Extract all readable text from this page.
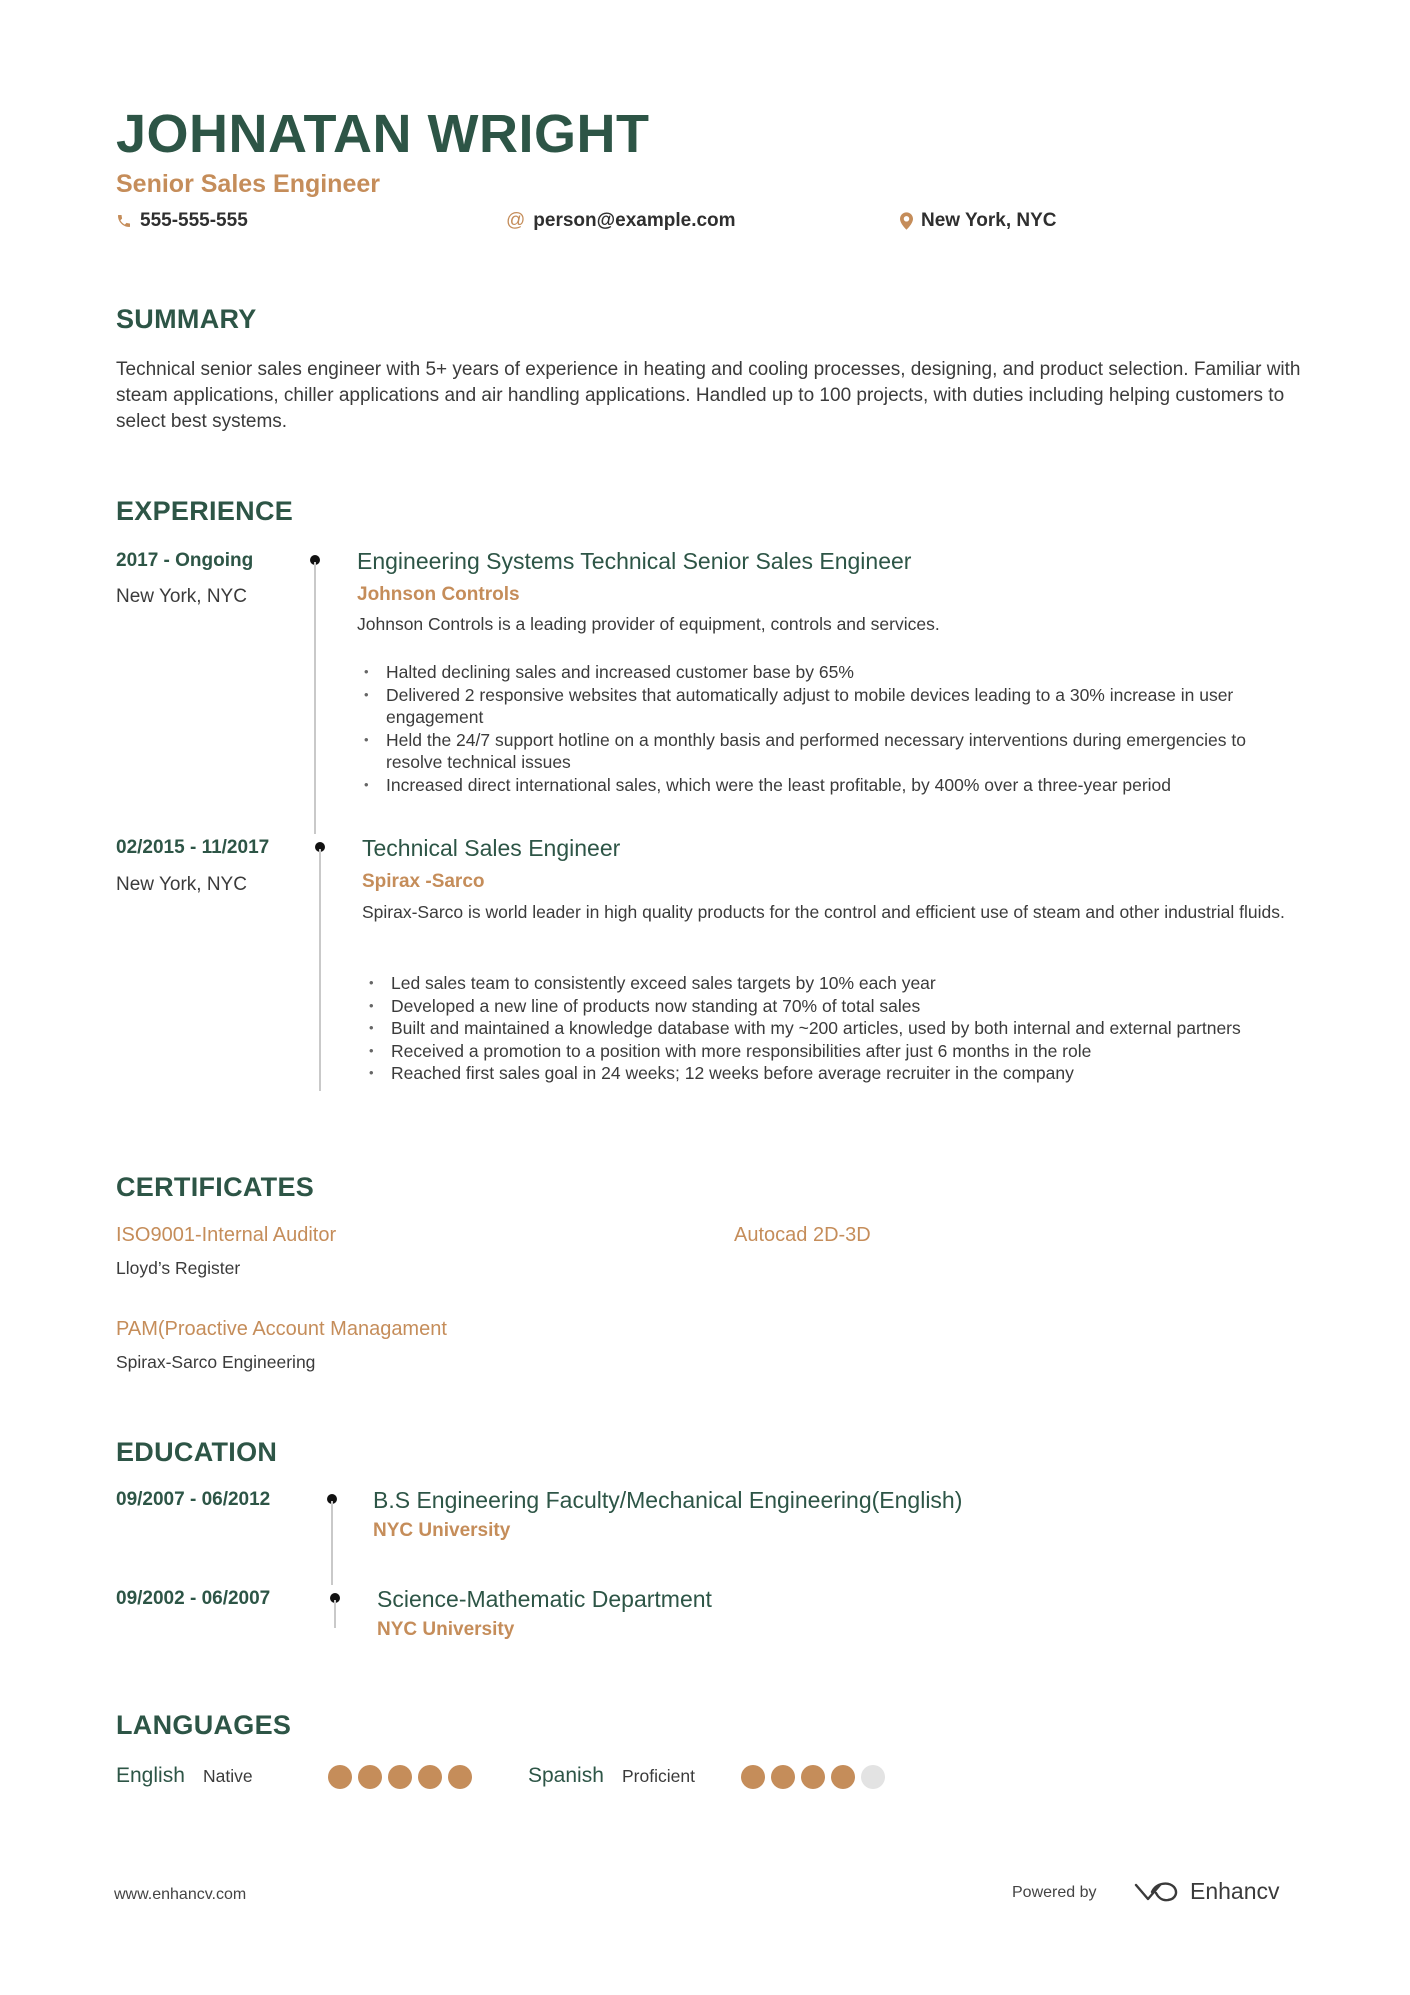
JOHNATAN WRIGHT
Senior Sales Engineer
555-555-555	@ person@example.com	New York, NYC
SUMMARY
Technical senior sales engineer with 5+ years of experience in heating and cooling processes, designing, and product selection. Familiar with steam applications, chiller applications and air handling applications. Handled up to 100 projects, with duties including helping customers to select best systems.
EXPERIENCE
2017 - Ongoing
New York, NYC
Engineering Systems Technical Senior Sales Engineer
Johnson Controls
Johnson Controls is a leading provider of equipment, controls and services.
• Halted declining sales and increased customer base by 65%
• Delivered 2 responsive websites that automatically adjust to mobile devices leading to a 30% increase in user engagement
• Held the 24/7 support hotline on a monthly basis and performed necessary interventions during emergencies to resolve technical issues
• Increased direct international sales, which were the least profitable, by 400% over a three-year period
02/2015 - 11/2017
New York, NYC
Technical Sales Engineer
Spirax -Sarco
Spirax-Sarco is world leader in high quality products for the control and efficient use of steam and other industrial fluids.
• Led sales team to consistently exceed sales targets by 10% each year
• Developed a new line of products now standing at 70% of total sales
• Built and maintained a knowledge database with my ~200 articles, used by both internal and external partners
• Received a promotion to a position with more responsibilities after just 6 months in the role
• Reached first sales goal in 24 weeks; 12 weeks before average recruiter in the company
CERTIFICATES
ISO9001-Internal Auditor
Lloyd’s Register
Autocad 2D-3D
PAM(Proactive Account Managament
Spirax-Sarco Engineering
EDUCATION
09/2007 - 06/2012	B.S Engineering Faculty/Mechanical Engineering(English)
NYC University
09/2002 - 06/2007	Science-Mathematic Department
NYC University
LANGUAGES
English Native	Spanish Proficient
www.enhancv.com	Powered by	Enhancv
